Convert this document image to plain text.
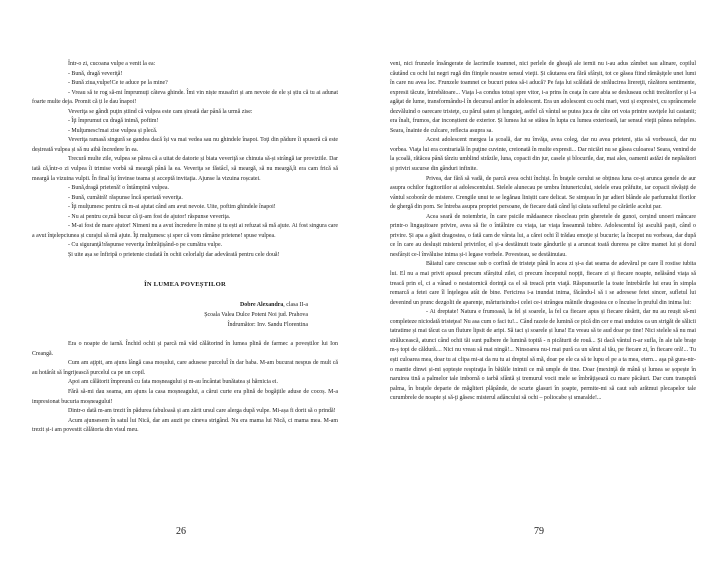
Într-o zi, cucoana vulpe a venit la ea:

- Bună, dragă veveriţă!

- Bună ziua,vulpe!Ce te aduce pe la mine?

- Vreau să te rog să-mi împrumuţi câteva ghinde. Îmi vin niște musafiri și am nevoie de ele și știu că tu ai adunat foarte multe deja. Promit că ți le dau înapoi!

Veveriţa se gândi puţin știind că vulpea este cam șireată dar până la urmă zise:

- Îţi împrumut cu dragă inimă, poftim!

- Mulţumesc!mai zise vulpea și plecă.

Veveriţa ramasă singură se gandea dacă își va mai vedea sau nu ghindele înapoi. Toţi din pădure îi spuseră că este deșireată vulpea și să nu aibă încredere în ea.

Trecură multe zile, vulpea se părea că a uitat de datorie și biata veveriţă se chinuia să-și strângă iar proviziile. Dar iată că,într-o zi vulpea îi trimise vorbă să meargă până la ea. Veveriţa se făstâcî, să meargă, să nu meargă,îi era cam frică să meargă la vizuina vulpii. În final își învinse teama și acceptă invitaţia. Ajunse la vizuina roșcatei.

- Bună,dragă prietenă! o întâmpină vulpea.

- Bună, cumătră! răspunse încă speriată veveriţa.

- Îţi mulţumesc pentru că m-ai ajutat când am avut nevoie. Uite, poftim ghindele înapoi!

- Nu ai pentru ce,mă bucur că ţi-am fost de ajutor! răspunse veveriţa.

- M-ai fost de mare ajutor! Nimeni nu a avut încredere în mine și tu ești ai refuzat să mă ajute. Ai fost singura care a avut înţelepciunea și curajul să mă ajute. Îţi mulţumesc și sper că vom rămâne prietene! spuse vulpea.

- Cu siguranţă!răspunse veveriţa îmbrăţișând-o pe cumătra vulpe.

Și uite așa se înfiripă o prietenie ciudată în ochii celorlalţi dar adevărată pentru cele două!

ÎN LUMEA POVEȘTILOR
Dobre Alexandra, clasa II-a
Școala Valea Dulce Poteni Noi jud. Prahova
Îndrumător: Inv. Sandu Florentina

Era o noapte de iarnă. Închid ochii și parcă mă văd călătorind în lumea plină de farmec a poveștilor lui Ion Creangă.

Cum am aţipit, am ajuns lângă casa moșului, care adusese purceluÎ în dar baba. M-am bucurat nespus de mult că au hotărât să îngrijească purcelul ca pe un copil.

Apoi am călătorit împreună cu fata moșneagului și m-au încântat bunătatea și hărnicia ei.

Fără să-mi dau seama, am ajuns la casa moșneagului, a cărui curte era plină de bogăţiile aduse de cocoș. M-a impresionat bucuria moșneagului!

Dintr-o dată m-am trezit în pădurea fabuloasă și am zărit ursul care alerga după vulpe. Mi-așa fi dorit să o prindă!

Acum ajunsesem în satul lui Nică, dar am auzit pe cineva strigând. Nu era mama lui Nică, ci mama mea. M-am trezit și-i am povestit călătoria din visul meu.

26

veni, nici frunzele însăngerate de lacrimile toamnei, nici perlele de gheaţă ale iernii nu i-au adus zâmbet sau alinare, copilul căutând cu ochi lui negri rugă din fiinţele noastre sensul vieţii. Și căutarea era fără sfârșit, tot ce găsea fiind rămășiţele unei lumi în care nu avea loc. Frunzele toamnei ce bucuri putea să-i aducă? Pe faţa lui scăldată de strălucirea lirereţii, râzătoru sentimente, expresii tăcute, întrebătoare... Viaţa l-a condus totuși spre vitor, i-a prins în ceaţa în care abia se desluseau ochii trecătorilor și l-a agăţat de lume, transformându-l în decursul anilor în adolescent. Era un adolescent cu ochi mari, vezi și expresivi, cu sprâncenele dezvăluind o oarecare tristeţe, cu părul șaten și lunguieţ, astfel că vântul se putea juca de câte ori voia printre suviţele lui castanii; era înalt, frumos, dar inconștient de exterior. Și lumea lui se stătea în lupta cu lumea exterioară, iar sensul vieţii pânea neînţeles. Seara, înainte de culcare, reflecta asupra sa.

Acest adolescent mergea la școală, dar nu învăţa, avea coleg, dar nu avea prieteni, știa să vorbească, dar nu vorbea. Viaţa lui era contrarială în puţine cuvinte, creionată în multe expresii... Dar niciări nu se găsea culoarea! Seara, venind de la școală, rătăcea până târziu umblind străzile, luna, copacii din jur, casele și blocurile, dar, mai ales, oamenii astăzi de nepăsători și priviri sucurse din gânduri infinite.

Privea, dar fără să vadă, de parcă avea ochii închiși. În braţele cerului se obținea luna ce-și arunca genele de aur asupra ochilor fugitoriilor ai adolescentului. Stelele alunecau pe umbra întunericului, stelele erau prăfuite, iar copacii răvășiţi de vântul scoborâr de mistere. Crengile unui te se legănau liniștit care delicat. Se simţeau în jur adieri blânde ale parfumului florilor de ghergă din pom. Se întreba asupra propriei persoane, de fiecare dată când își căuta sufletul pe cărările acelui par.

Acea seară de noiembrie, în care psicile mădaanece răsocleau prin gheretele de gunoi, cerșind unoeri mâncare printr-o lingușitoare privire, avea să fie o întâlnire cu viaţa, iar viaţa înseamnă iubire. Adolescentul își ascultă pașii, când o privire. Și apa a găsit dragostea, o fată cam de vârsta lui, a cărei ochi îl trădau emoţie și bucurie; la început nu vorbeau, dar după ce în care au deslușit misterul privirilor, el și-a destăinuit toate gândurile și a aruncat toată durerea pe către mamei lui și dorul nesfârșit ce-l învăluise inima și-i legase vorbele. Povesteau, se destăinuiau.

Băiatul care crescuse sub o corfină de tristeţe până în acea zi și-a dat seama de adevărul pe care îl rostise iubita lui. El nu a mai privit apusul precum sfârșitul zilei, ci precum începutul nopţii, fiecare zi și fiecare noapte, nelăsând viaţa să treacă prin el, ci a vânad o nestatornică dorinţă ca el să treacă prin viaţă. Răspunsurile la toate întrebările lui erau în simpla remarcă a fetei care îl înţelegea atât de bine. Fericirea i-a inundat inima, făcându-l să i se adresese fetei sincer, sufletul lui devenind un prunc dezgolit de aparenţe, mărturisindu-i celei ce-i strângea mâinile dragostea ce o încuise în pruful din inima lui:

- Ai dreptate! Natura e frumoasă, la fel și soarele, la fel ca fiecare apus și fiecare răsărit, dar nu au reușit să-mi completeze niciodată tristeţea! Nu asa cum o faci tu!... Când razele de lumină ce pică din cer e mai unduios ca un strigăt de sălicii tatratime și mai tăcut ca un fluture lipsit de aripi. Să taci și soarele și luna! Eu vreau să te aud doar pe tine! Nici stelele să nu mai strălucească, atunci când ochii tăi sunt pulbere de lumină topită - n picăturii de rouă... Și dacă vântul n-ar sufla, în ale tale braţe m-ș topi de căldură.... Nici nu vreau să mai ningă!... Ninsoarea nu-i mai pură ca un sărut al tău, pe fiecare zi, în fiecare oră!... Tu ești culoarea mea, doar tu ai clipa mi-ai da nu tu ai dreptul să mă, doar pe ele ca să te lupu el pe a ta mea, etern... aşa pă gura-ntr-o mantie dinwi și-mi șoptește respiraţia în bătăile inimii ce mă umple de tine. Doar (mexinţă de mână și lumea se șopește în naruirea tină a palmelor tale imbornă o iarbă sfântă și tremurul vocii mele se îmbrăţișează cu mare păcăuri. Dar cum transpiră palma, în braţele deparie de măgliteri plăpânde, de scurte glasuri în șoapte, permite-mi să caut sub arătmui plecapelor tale curumbrele de noapte și să-ţi găsesc misterul adâncului să ochi – poliocabe și smaralde!...

79
